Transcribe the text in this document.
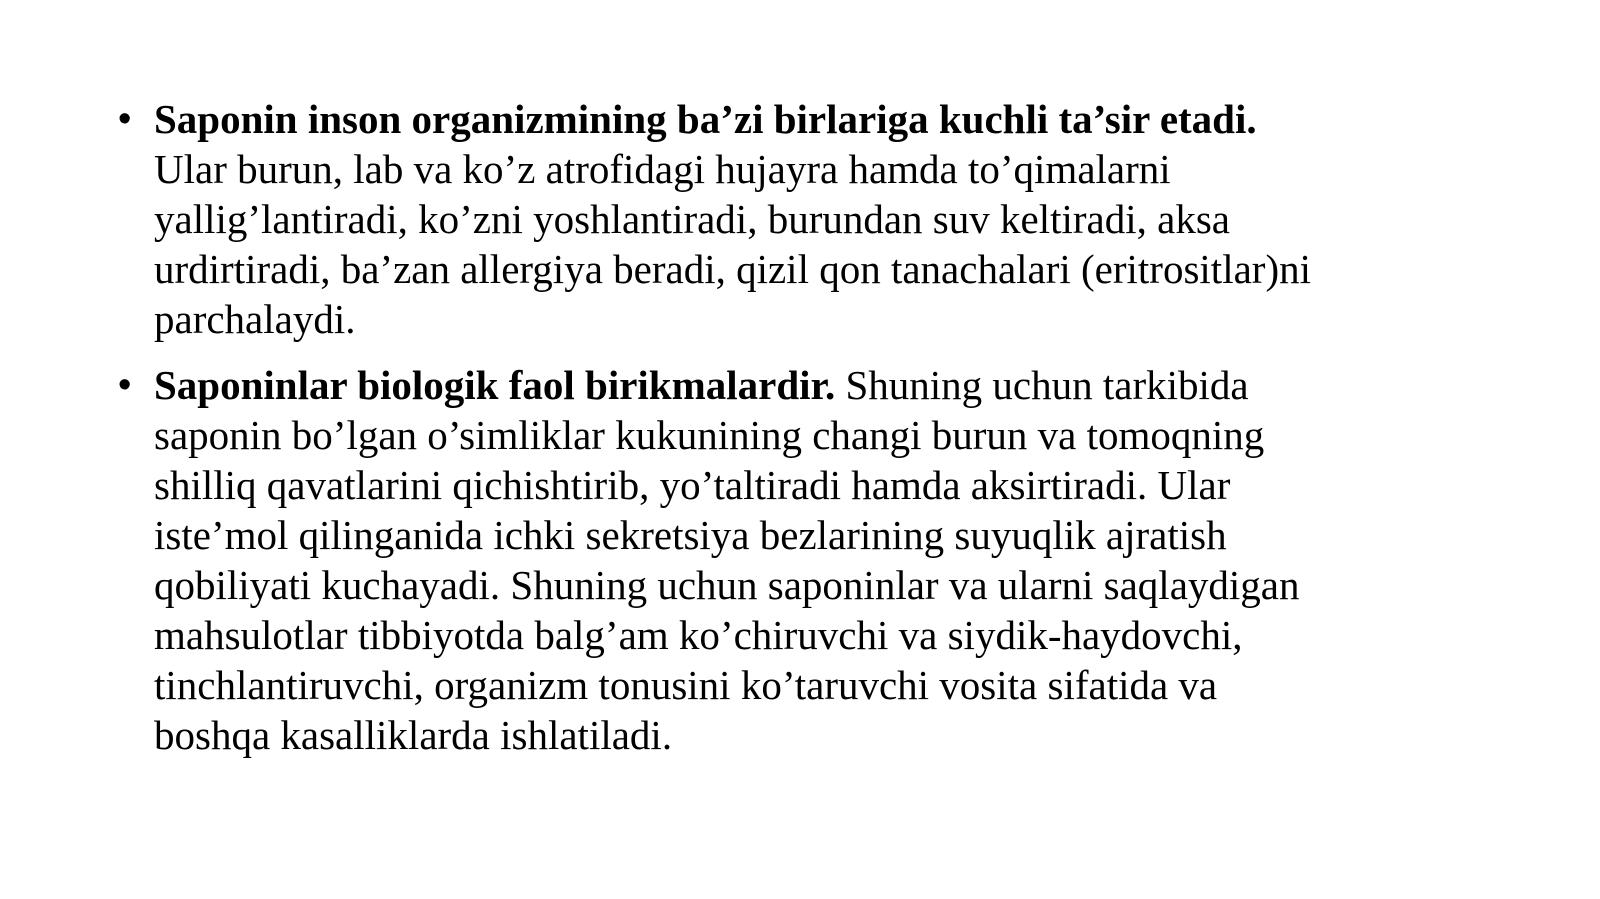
• Saponin inson organizmining ba’zi birlariga kuchli ta’sir etadi.
Ular burun, lab va ko’z atrofidagi hujayra hamda to’qimalarni
yallig’lantiradi, ko’zni yoshlantiradi, burundan suv keltiradi, aksa
urdirtiradi, ba’zan allergiya beradi, qizil qon tanachalari (eritrositlar)ni
parchalaydi.
• Saponinlar biologik faol birikmalardir. Shuning uchun tarkibida
saponin bo’lgan o’simliklar kukunining changi burun va tomoqning
shilliq qavatlarini qichishtirib, yo’taltiradi hamda aksirtiradi. Ular
iste’mol qilinganida ichki sekretsiya bezlarining suyuqlik ajratish
qobiliyati kuchayadi. Shuning uchun saponinlar va ularni saqlaydigan
mahsulotlar tibbiyotda balg’am ko’chiruvchi va siydik-haydovchi,
tinchlantiruvchi, organizm tonusini ko’taruvchi vosita sifatida va
boshqa kasalliklarda ishlatiladi.
